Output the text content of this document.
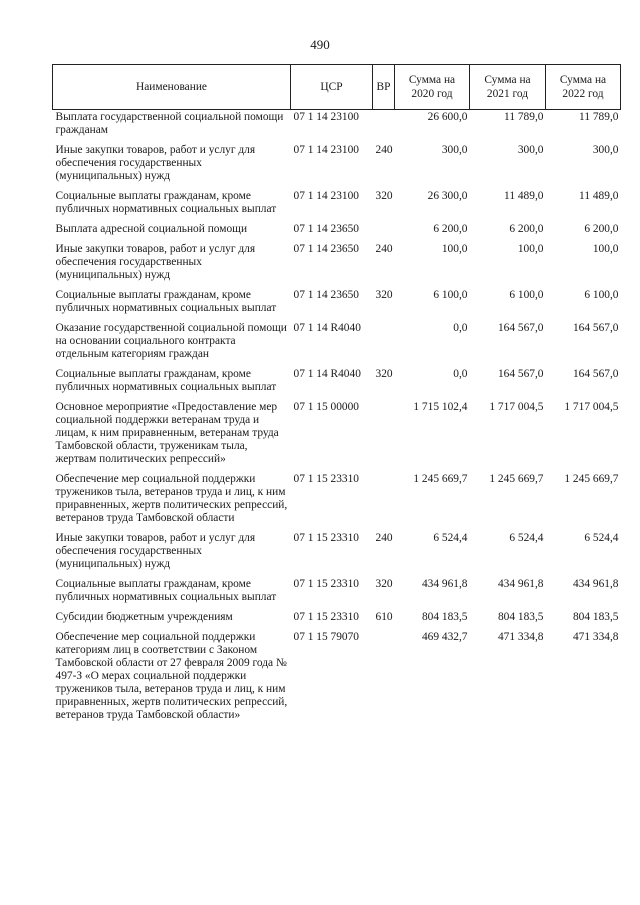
490
Наименование	ЦСР	ВР	Сумма на 2020 год	Сумма на 2021 год	Сумма на 2022 год
Выплата государственной социальной помощи гражданам	07 1 14 23100		26 600,0	11 789,0	11 789,0
Иные закупки товаров, работ и услуг для обеспечения государственных (муниципальных) нужд	07 1 14 23100	240	300,0	300,0	300,0
Социальные выплаты гражданам, кроме публичных нормативных социальных выплат	07 1 14 23100	320	26 300,0	11 489,0	11 489,0
Выплата адресной социальной помощи	07 1 14 23650		6 200,0	6 200,0	6 200,0
Иные закупки товаров, работ и услуг для обеспечения государственных (муниципальных) нужд	07 1 14 23650	240	100,0	100,0	100,0
Социальные выплаты гражданам, кроме публичных нормативных социальных выплат	07 1 14 23650	320	6 100,0	6 100,0	6 100,0
Оказание государственной социальной помощи на основании социального контракта отдельным категориям граждан	07 1 14 R4040		0,0	164 567,0	164 567,0
Социальные выплаты гражданам, кроме публичных нормативных социальных выплат	07 1 14 R4040	320	0,0	164 567,0	164 567,0
Основное мероприятие «Предоставление мер социальной поддержки ветеранам труда и лицам, к ним приравненным, ветеранам труда Тамбовской области, труженикам тыла, жертвам политических репрессий»	07 1 15 00000		1 715 102,4	1 717 004,5	1 717 004,5
Обеспечение мер социальной поддержки тружеников тыла, ветеранов труда и лиц, к ним приравненных, жертв политических репрессий, ветеранов труда Тамбовской области	07 1 15 23310		1 245 669,7	1 245 669,7	1 245 669,7
Иные закупки товаров, работ и услуг для обеспечения государственных (муниципальных) нужд	07 1 15 23310	240	6 524,4	6 524,4	6 524,4
Социальные выплаты гражданам, кроме публичных нормативных социальных выплат	07 1 15 23310	320	434 961,8	434 961,8	434 961,8
Субсидии бюджетным учреждениям	07 1 15 23310	610	804 183,5	804 183,5	804 183,5
Обеспечение мер социальной поддержки категориям лиц в соответствии с Законом Тамбовской области от 27 февраля 2009 года № 497-З «О мерах социальной поддержки тружеников тыла, ветеранов труда и лиц, к ним приравненных, жертв политических репрессий, ветеранов труда Тамбовской области»	07 1 15 79070		469 432,7	471 334,8	471 334,8
